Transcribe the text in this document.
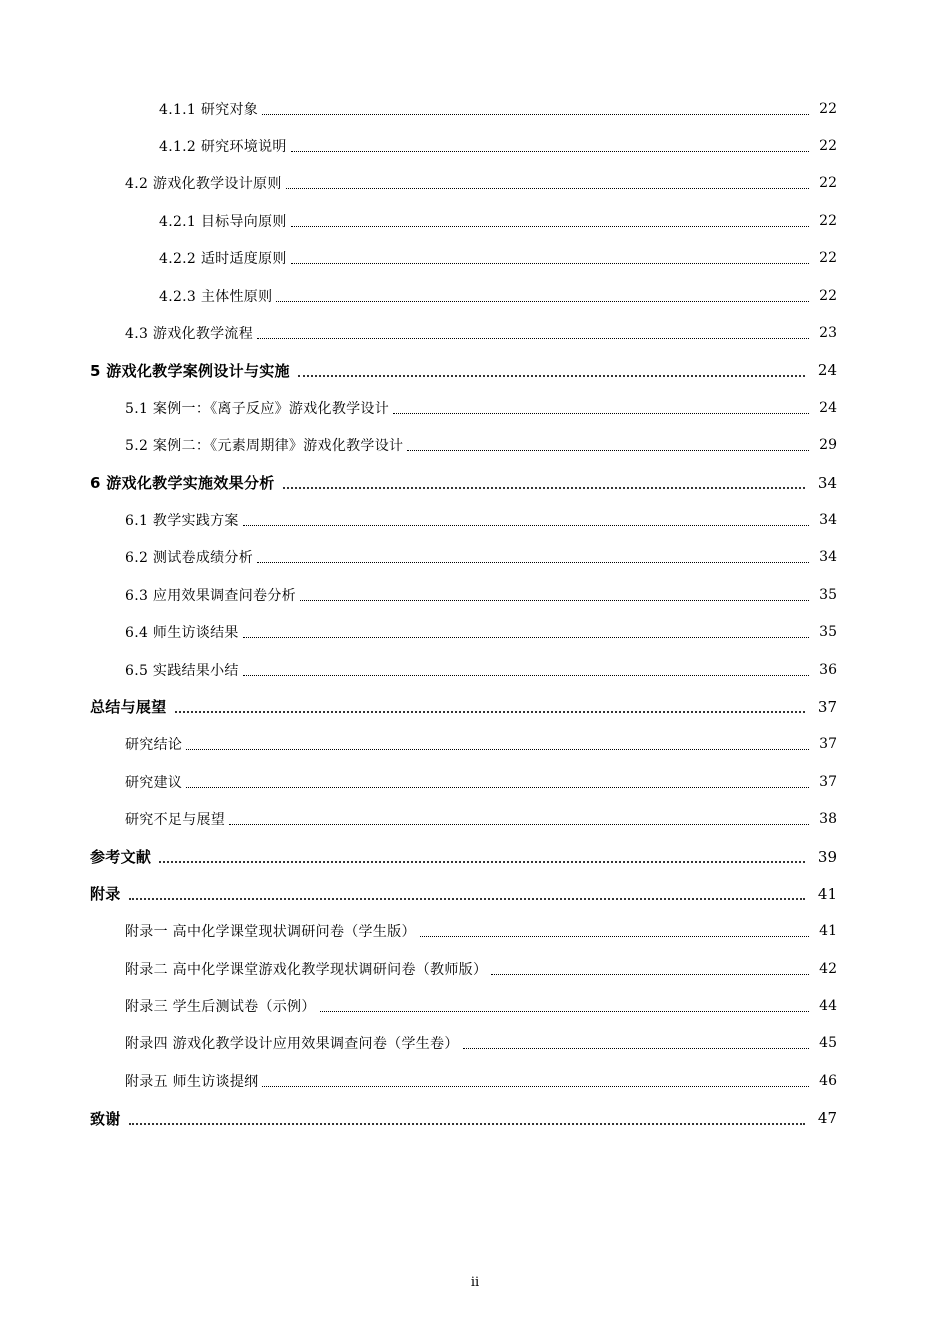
4.1.1 研究对象	22
4.1.2 研究环境说明	22
4.2 游戏化教学设计原则	22
4.2.1 目标导向原则	22
4.2.2 适时适度原则	22
4.2.3 主体性原则	22
4.3 游戏化教学流程	23
5 游戏化教学案例设计与实施	24
5.1 案例一：《离子反应》游戏化教学设计	24
5.2 案例二：《元素周期律》游戏化教学设计	29
6 游戏化教学实施效果分析	34
6.1 教学实践方案	34
6.2 测试卷成绩分析	34
6.3 应用效果调查问卷分析	35
6.4 师生访谈结果	35
6.5 实践结果小结	36
总结与展望	37
研究结论	37
研究建议	37
研究不足与展望	38
参考文献	39
附录	41
附录一 高中化学课堂现状调研问卷（学生版）	41
附录二 高中化学课堂游戏化教学现状调研问卷（教师版）	42
附录三 学生后测试卷（示例）	44
附录四 游戏化教学设计应用效果调查问卷（学生卷）	45
附录五 师生访谈提纲	46
致谢	47
ii
